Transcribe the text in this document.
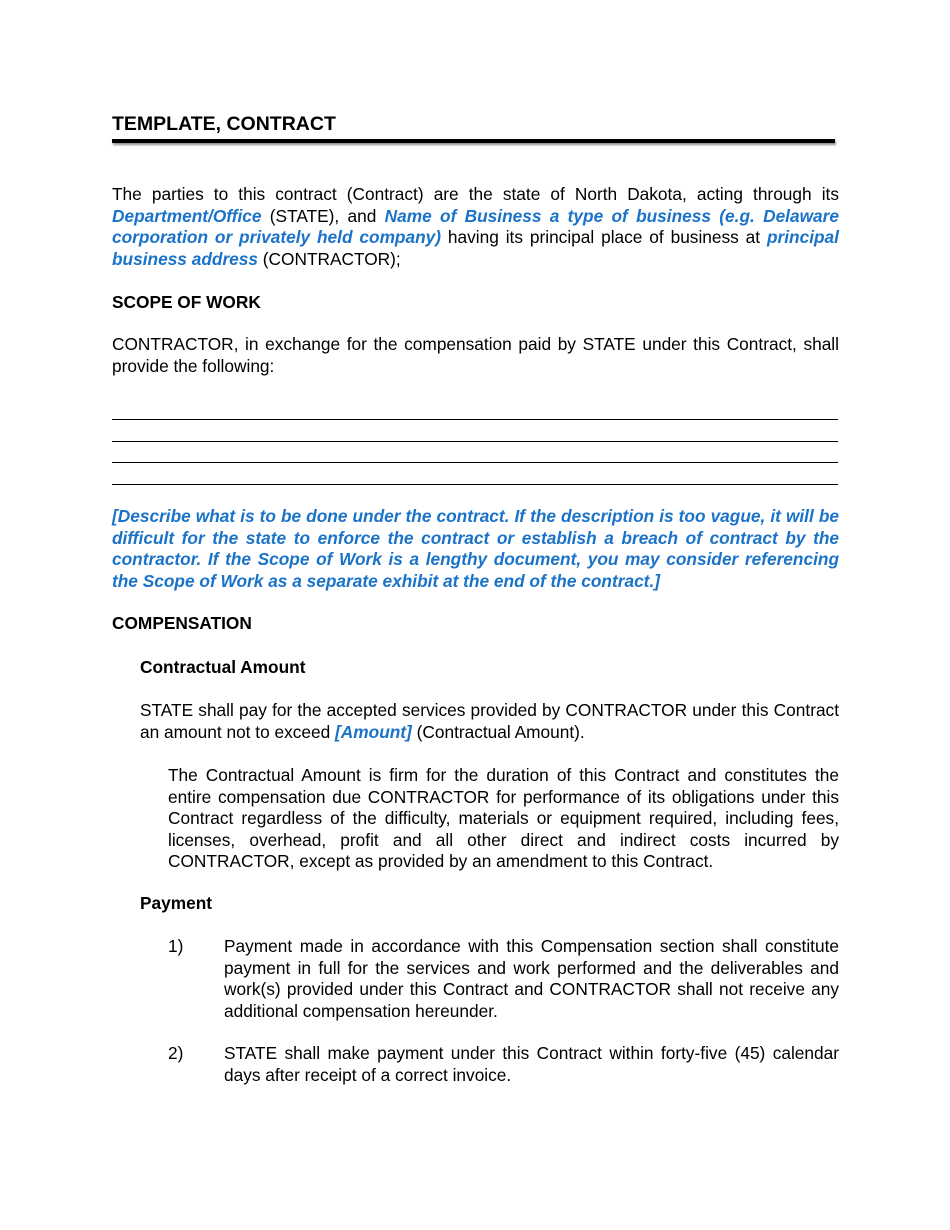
TEMPLATE, CONTRACT

The parties to this contract (Contract) are the state of North Dakota, acting through its Department/Office (STATE), and Name of Business a type of business (e.g. Delaware corporation or privately held company) having its principal place of business at principal business address (CONTRACTOR);

SCOPE OF WORK

CONTRACTOR, in exchange for the compensation paid by STATE under this Contract, shall provide the following:

[Describe what is to be done under the contract. If the description is too vague, it will be difficult for the state to enforce the contract or establish a breach of contract by the contractor. If the Scope of Work is a lengthy document, you may consider referencing the Scope of Work as a separate exhibit at the end of the contract.]

COMPENSATION
Contractual Amount

STATE shall pay for the accepted services provided by CONTRACTOR under this Contract an amount not to exceed [Amount] (Contractual Amount).

The Contractual Amount is firm for the duration of this Contract and constitutes the entire compensation due CONTRACTOR for performance of its obligations under this Contract regardless of the difficulty, materials or equipment required, including fees, licenses, overhead, profit and all other direct and indirect costs incurred by CONTRACTOR, except as provided by an amendment to this Contract.

Payment
1) Payment made in accordance with this Compensation section shall constitute payment in full for the services and work performed and the deliverables and work(s) provided under this Contract and CONTRACTOR shall not receive any additional compensation hereunder.

2) STATE shall make payment under this Contract within forty-five (45) calendar days after receipt of a correct invoice.
